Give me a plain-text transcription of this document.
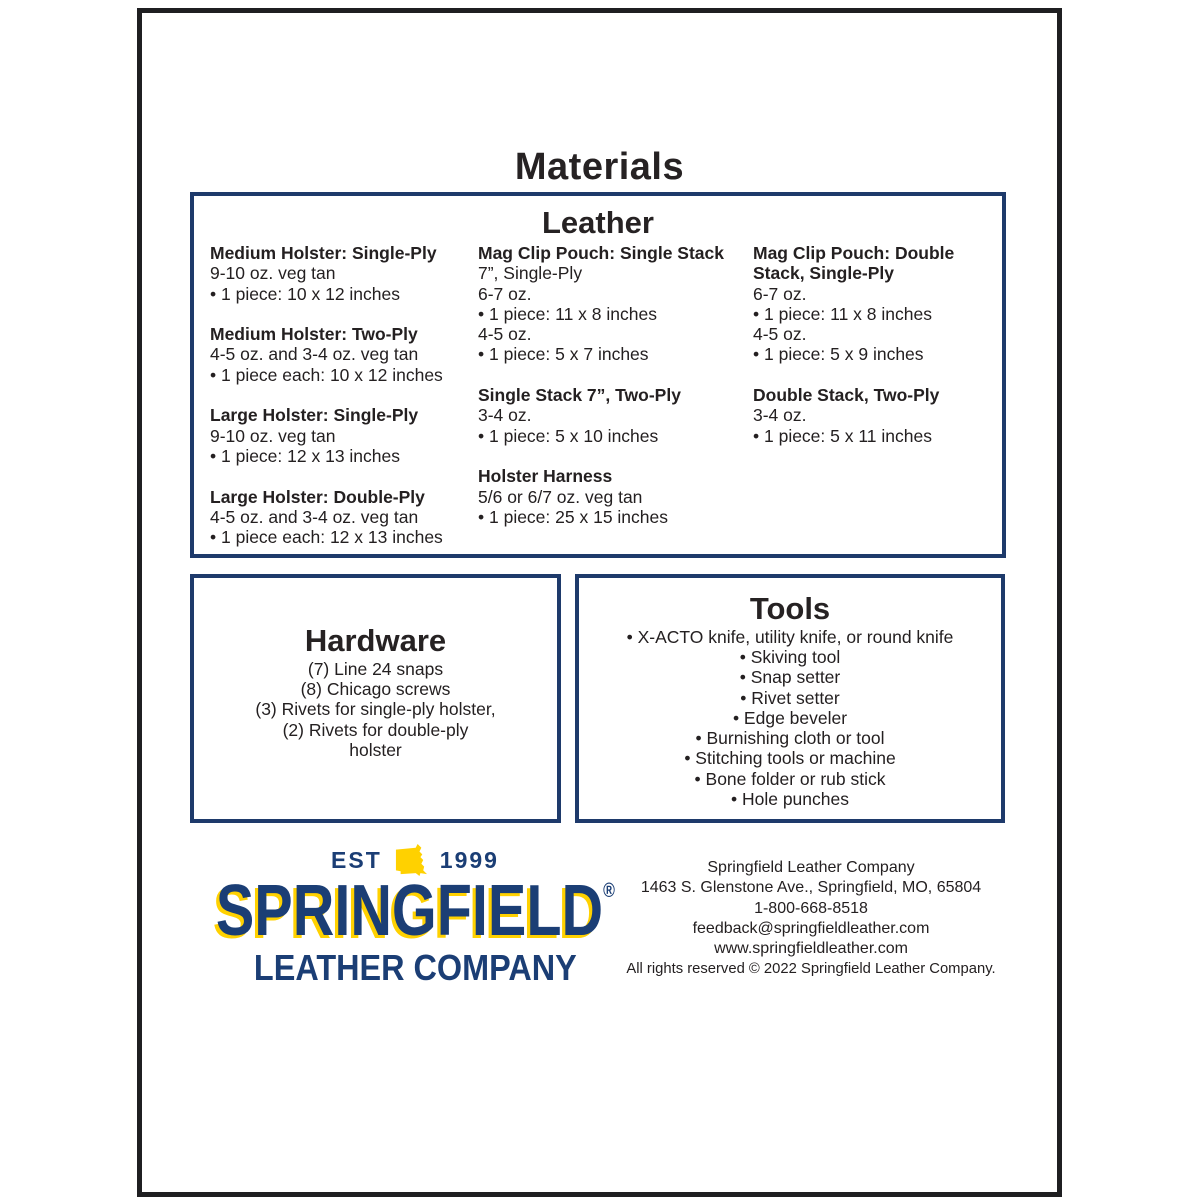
Materials
Leather
Medium Holster: Single-Ply
9-10 oz. veg tan
• 1 piece: 10 x 12 inches
Medium Holster: Two-Ply
4-5 oz. and 3-4 oz. veg tan
• 1 piece each: 10 x 12 inches
Large Holster: Single-Ply
9-10 oz. veg tan
• 1 piece: 12 x 13 inches
Large Holster: Double-Ply
4-5 oz. and 3-4 oz. veg tan
• 1 piece each: 12 x 13 inches
Mag Clip Pouch: Single Stack
7”, Single-Ply
6-7 oz.
• 1 piece: 11 x 8 inches
4-5 oz.
• 1 piece: 5 x 7 inches
Single Stack 7”, Two-Ply
3-4 oz.
• 1 piece: 5 x 10 inches
Holster Harness
5/6 or 6/7 oz. veg tan
• 1 piece: 25 x 15 inches
Mag Clip Pouch: Double Stack, Single-Ply
6-7 oz.
• 1 piece: 11 x 8 inches
4-5 oz.
• 1 piece: 5 x 9 inches
Double Stack, Two-Ply
3-4 oz.
• 1 piece: 5 x 11 inches
Hardware
(7) Line 24 snaps
(8) Chicago screws
(3) Rivets for single-ply holster,
(2) Rivets for double-ply
holster
Tools
• X-ACTO knife, utility knife, or round knife
• Skiving tool
• Snap setter
• Rivet setter
• Edge beveler
• Burnishing cloth or tool
• Stitching tools or machine
• Bone folder or rub stick
• Hole punches
EST	1999
SPRINGFIELD®
LEATHER COMPANY
Springfield Leather Company
1463 S. Glenstone Ave., Springfield, MO, 65804
1-800-668-8518
feedback@springfieldleather.com
www.springfieldleather.com
All rights reserved © 2022 Springfield Leather Company.
